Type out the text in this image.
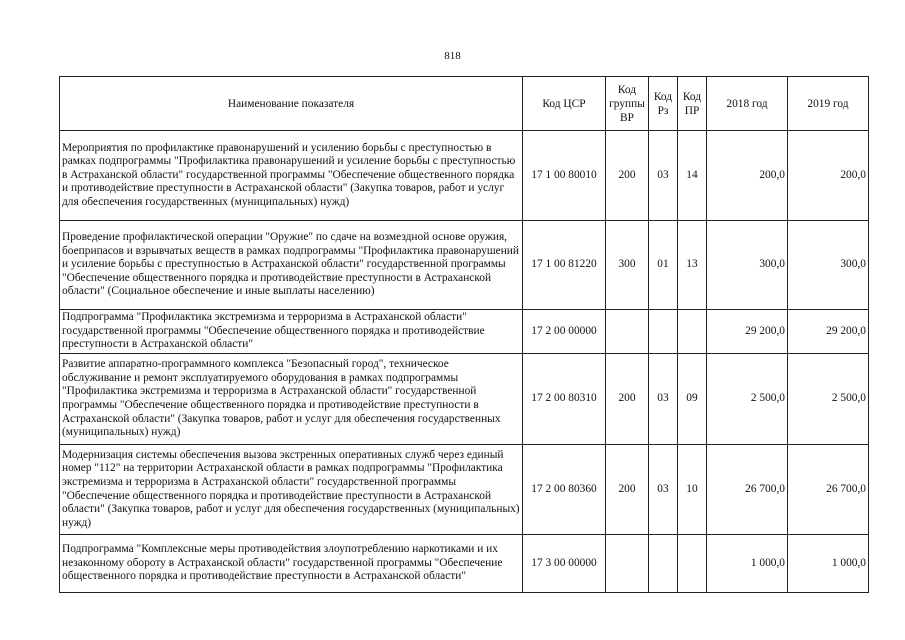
818
Наименование показателя	Код ЦСР	Код группы ВР	Код Рз	Код ПР	2018 год	2019 год
Мероприятия по профилактике правонарушений и усилению борьбы с преступностью в рамках подпрограммы "Профилактика правонарушений и усиление борьбы с преступностью в Астраханской области" государственной программы "Обеспечение общественного порядка и противодействие преступности в Астраханской области" (Закупка товаров, работ и услуг для обеспечения государственных (муниципальных) нужд)	17 1 00 80010	200	03	14	200,0	200,0
Проведение профилактической операции "Оружие" по сдаче на возмездной основе оружия, боеприпасов и взрывчатых веществ в рамках подпрограммы "Профилактика правонарушений и усиление борьбы с преступностью в Астраханской области" государственной программы "Обеспечение общественного порядка и противодействие преступности в Астраханской области" (Социальное обеспечение и иные выплаты населению)	17 1 00 81220	300	01	13	300,0	300,0
Подпрограмма "Профилактика экстремизма и терроризма в Астраханской области" государственной программы "Обеспечение общественного порядка и противодействие преступности в Астраханской области"	17 2 00 00000				29 200,0	29 200,0
Развитие аппаратно-программного комплекса "Безопасный город", техническое обслуживание и ремонт эксплуатируемого оборудования в рамках подпрограммы "Профилактика экстремизма и терроризма в Астраханской области" государственной программы "Обеспечение общественного порядка и противодействие преступности в Астраханской области" (Закупка товаров, работ и услуг для обеспечения государственных (муниципальных) нужд)	17 2 00 80310	200	03	09	2 500,0	2 500,0
Модернизация системы обеспечения вызова экстренных оперативных служб через единый номер "112" на территории Астраханской области в рамках подпрограммы "Профилактика экстремизма и терроризма в Астраханской области" государственной программы "Обеспечение общественного порядка и противодействие преступности в Астраханской области" (Закупка товаров, работ и услуг для обеспечения государственных (муниципальных) нужд)	17 2 00 80360	200	03	10	26 700,0	26 700,0
Подпрограмма "Комплексные меры противодействия злоупотреблению наркотиками и их незаконному обороту в Астраханской области" государственной программы "Обеспечение общественного порядка и противодействие преступности в Астраханской области"	17 3 00 00000				1 000,0	1 000,0
